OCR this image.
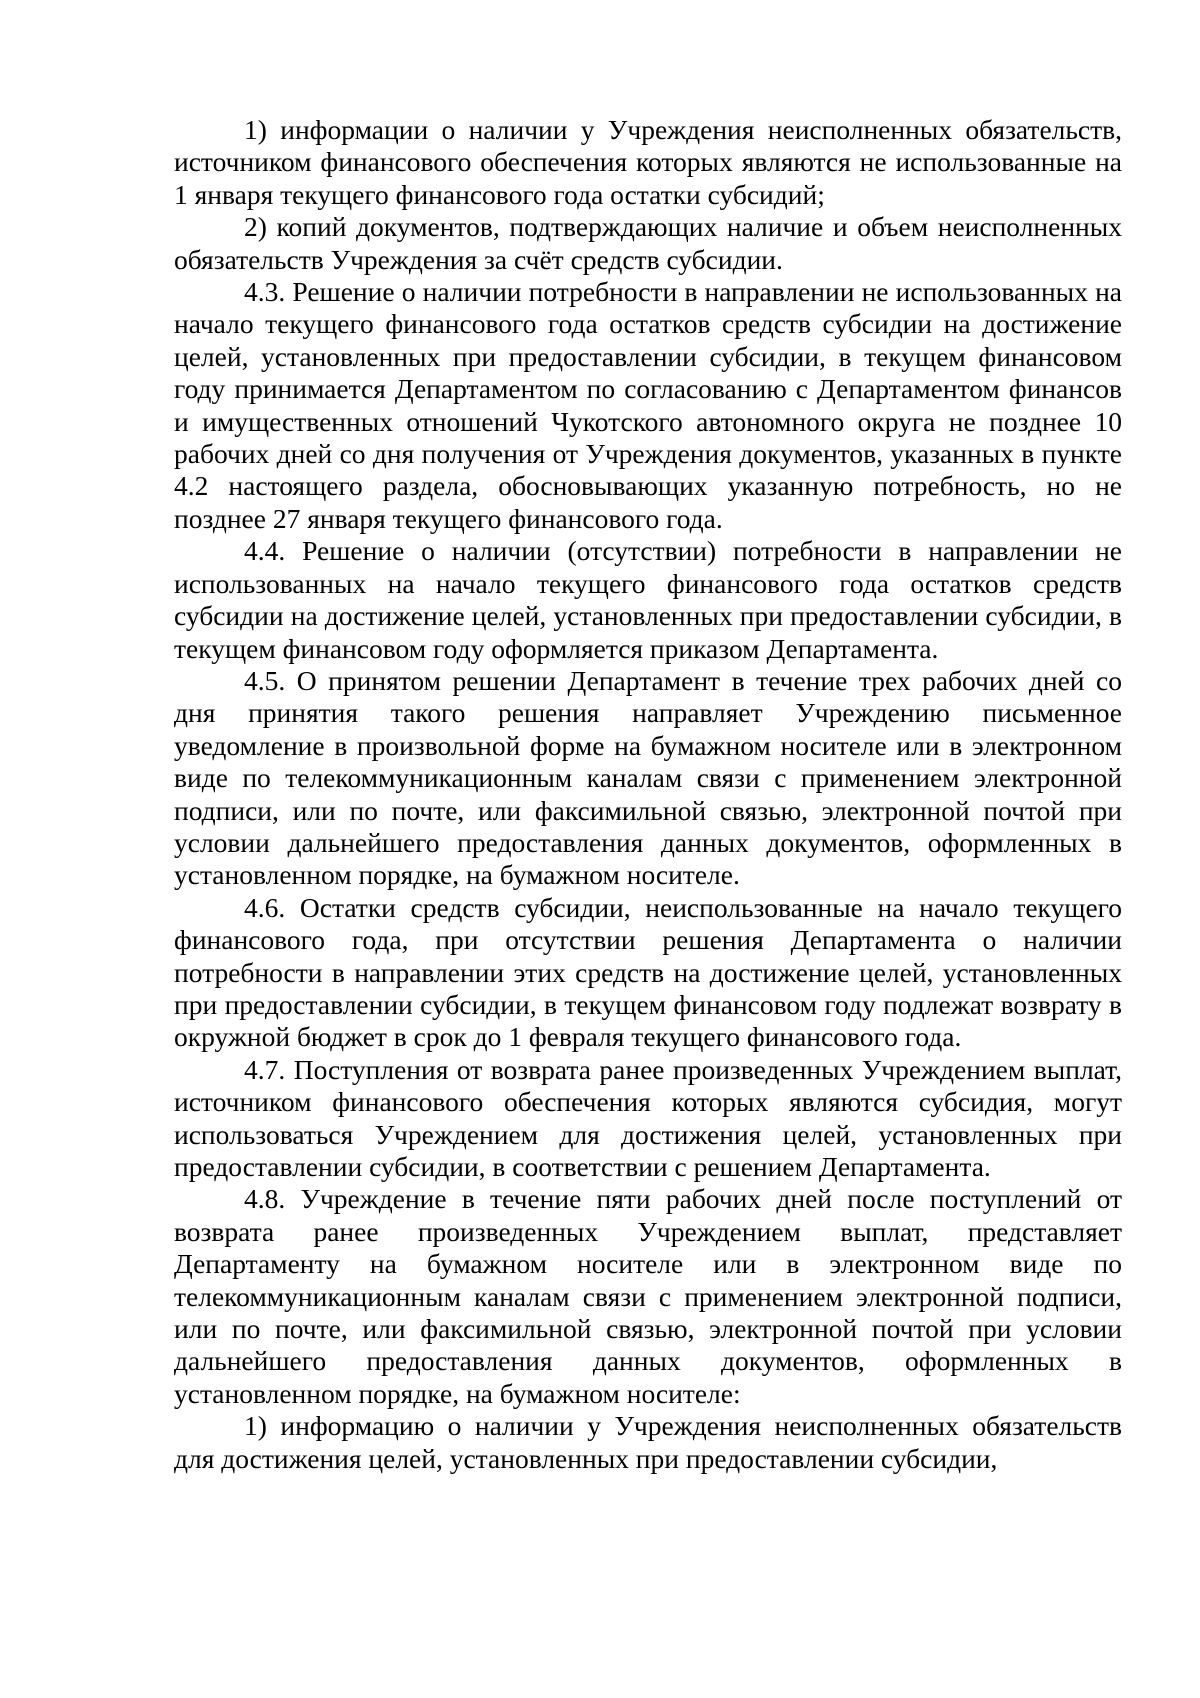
1) информации о наличии у Учреждения неисполненных обязательств, источником финансового обеспечения которых являются не использованные на 1 января текущего финансового года остатки субсидий;

2) копий документов, подтверждающих наличие и объем неисполненных обязательств Учреждения за счёт средств субсидии.

4.3. Решение о наличии потребности в направлении не использованных на начало текущего финансового года остатков средств субсидии на достижение целей, установленных при предоставлении субсидии, в текущем финансовом году принимается Департаментом по согласованию с Департаментом финансов и имущественных отношений Чукотского автономного округа не позднее 10 рабочих дней со дня получения от Учреждения документов, указанных в пункте 4.2 настоящего раздела, обосновывающих указанную потребность, но не позднее 27 января текущего финансового года.

4.4. Решение о наличии (отсутствии) потребности в направлении не использованных на начало текущего финансового года остатков средств субсидии на достижение целей, установленных при предоставлении субсидии, в текущем финансовом году оформляется приказом Департамента.

4.5. О принятом решении Департамент в течение трех рабочих дней со дня принятия такого решения направляет Учреждению письменное уведомление в произвольной форме на бумажном носителе или в электронном виде по телекоммуникационным каналам связи с применением электронной подписи, или по почте, или факсимильной связью, электронной почтой при условии дальнейшего предоставления данных документов, оформленных в установленном порядке, на бумажном носителе.

4.6. Остатки средств субсидии, неиспользованные на начало текущего финансового года, при отсутствии решения Департамента о наличии потребности в направлении этих средств на достижение целей, установленных при предоставлении субсидии, в текущем финансовом году подлежат возврату в окружной бюджет в срок до 1 февраля текущего финансового года.

4.7. Поступления от возврата ранее произведенных Учреждением выплат, источником финансового обеспечения которых являются субсидия, могут использоваться Учреждением для достижения целей, установленных при предоставлении субсидии, в соответствии с решением Департамента.

4.8. Учреждение в течение пяти рабочих дней после поступлений от возврата ранее произведенных Учреждением выплат, представляет Департаменту на бумажном носителе или в электронном виде по телекоммуникационным каналам связи с применением электронной подписи, или по почте, или факсимильной связью, электронной почтой при условии дальнейшего предоставления данных документов, оформленных в установленном порядке, на бумажном носителе:

1) информацию о наличии у Учреждения неисполненных обязательств для достижения целей, установленных при предоставлении субсидии,
